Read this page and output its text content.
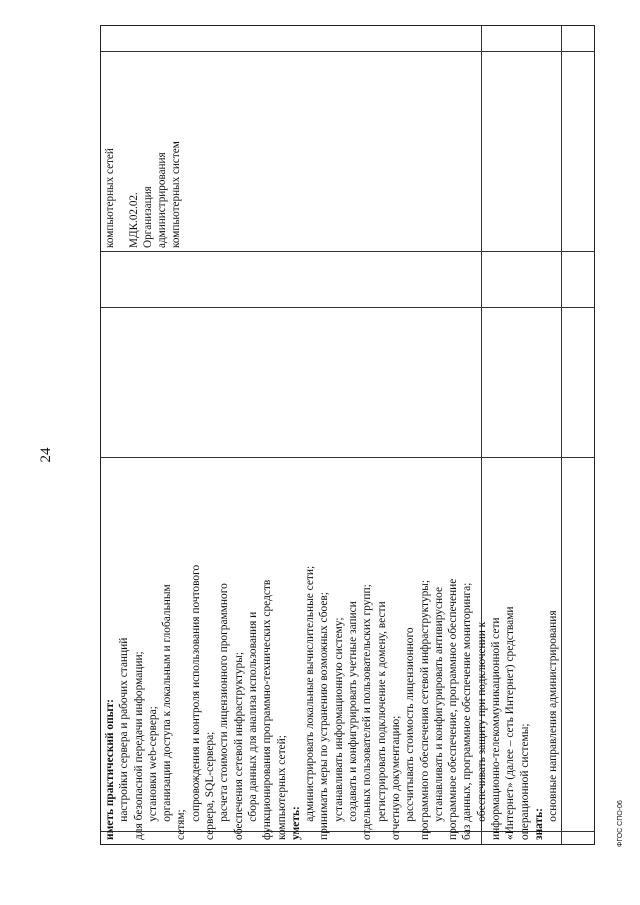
24

иметь практический опыт: настройки сервера и рабочих станций для безопасной передачи информации; установки web-сервера; организации доступа к локальным и глобальным

сетям;

сопровождения и контроля использования почтового сервера, SQL-сервера; расчета стоимости лицензионного программного обеспечения сетевой инфраструктуры; сбора данных для анализа использования и функционирования программно-технических средств компьютерных сетей; уметь:

администрировать локальные вычислительные сети; принимать меры по устранению возможных сбоев; устанавливать информационную систему; создавать и конфигурировать учетные записи отдельных пользователей и пользовательских групп; регистрировать подключение к домену, вести отчетную документацию; рассчитывать стоимость лицензионного программного обеспечения сетевой инфраструктуры; устанавливать и конфигурировать антивирусное программное обеспечение, программное обеспечение баз данных, программное обеспечение мониторинга; обеспечивать защиту при подключении к информационно-телекоммуникационной сети «Интернет» (далее – сеть Интернет) средствами операционной системы; знать:

основные направления администрирования

компьютерных сетей МДК.02.02. Организация администрирования компьютерных систем

ФГОС СПО-06
